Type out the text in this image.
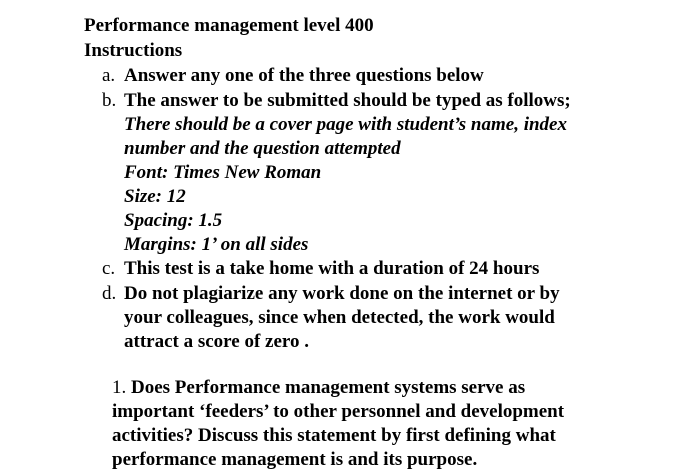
Performance management level 400
Instructions
a. Answer any one of the three questions below
b. The answer to be submitted should be typed as follows;
There should be a cover page with student’s name, index
number and the question attempted
Font: Times New Roman
Size: 12
Spacing: 1.5
Margins: 1’ on all sides
c. This test is a take home with a duration of 24 hours
d. Do not plagiarize any work done on the internet or by
your colleagues, since when detected, the work would
attract a score of zero .
1. Does Performance management systems serve as
important ‘feeders’ to other personnel and development
activities? Discuss this statement by first defining what
performance management is and its purpose.
